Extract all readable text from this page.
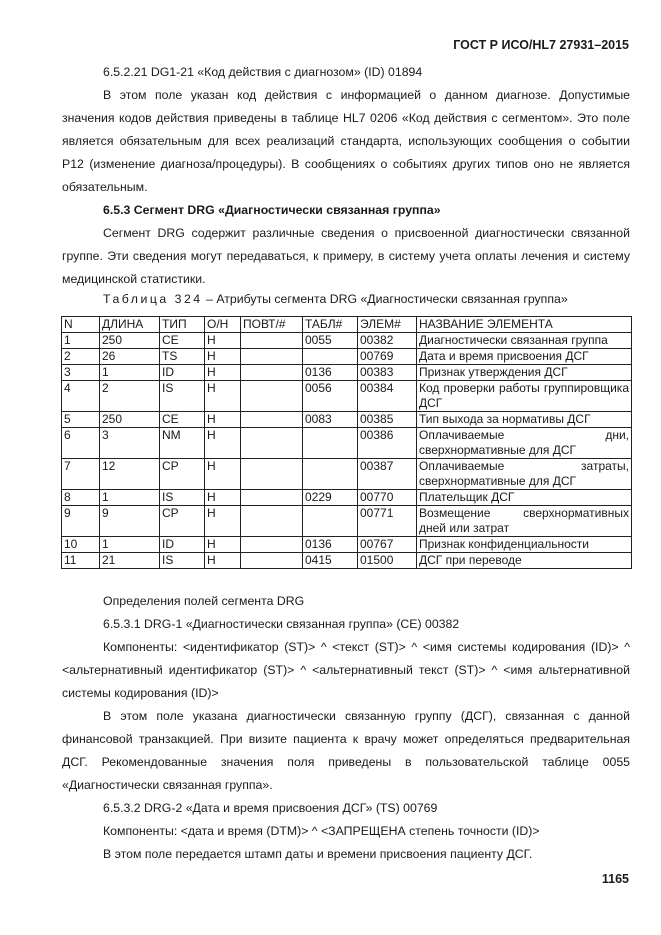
ГОСТ Р ИСО/HL7 27931–2015

6.5.2.21 DG1-21 «Код действия с диагнозом» (ID) 01894

В этом поле указан код действия с информацией о данном диагнозе. Допустимые значения кодов действия приведены в таблице HL7 0206 «Код действия с сегментом». Это поле является обязательным для всех реализаций стандарта, использующих сообщения о событии P12 (изменение диагноза/процедуры). В сообщениях о событиях других типов оно не является обязательным.

6.5.3 Сегмент DRG «Диагностически связанная группа»

Сегмент DRG содержит различные сведения о присвоенной диагностически связанной группе. Эти сведения могут передаваться, к примеру, в систему учета оплаты лечения и систему медицинской статистики.

Таблица 324 – Атрибуты сегмента DRG «Диагностически связанная группа»
N	ДЛИНА	ТИП	О/Н	ПОВТ/#	ТАБЛ#	ЭЛЕМ#	НАЗВАНИЕ ЭЛЕМЕНТА
1	250	CE	H		0055	00382	Диагностически связанная группа
2	26	TS	H			00769	Дата и время присвоения ДСГ
3	1	ID	H		0136	00383	Признак утверждения ДСГ
4	2	IS	H		0056	00384	Код проверки работы группировщика ДСГ
5	250	CE	H		0083	00385	Тип выхода за нормативы ДСГ
6	3	NM	H			00386	Оплачиваемые дни, сверхнормативные для ДСГ
7	12	CP	H			00387	Оплачиваемые затраты, сверхнормативные для ДСГ
8	1	IS	H		0229	00770	Плательщик ДСГ
9	9	CP	H			00771	Возмещение сверхнормативных дней или затрат
10	1	ID	H		0136	00767	Признак конфиденциальности
11	21	IS	H		0415	01500	ДСГ при переводе

Определения полей сегмента DRG

6.5.3.1 DRG-1 «Диагностически связанная группа» (CE) 00382

Компоненты: <идентификатор (ST)> ^ <текст (ST)> ^ <имя системы кодирования (ID)> ^ <альтернативный идентификатор (ST)> ^ <альтернативный текст (ST)> ^ <имя альтернативной системы кодирования (ID)>

В этом поле указана диагностически связанную группу (ДСГ), связанная с данной финансовой транзакцией. При визите пациента к врачу может определяться предварительная ДСГ. Рекомендованные значения поля приведены в пользовательской таблице 0055 «Диагностически связанная группа».

6.5.3.2 DRG-2 «Дата и время присвоения ДСГ» (TS) 00769

Компоненты: <дата и время (DTM)> ^ <ЗАПРЕЩЕНА степень точности (ID)>

В этом поле передается штамп даты и времени присвоения пациенту ДСГ.

1165
